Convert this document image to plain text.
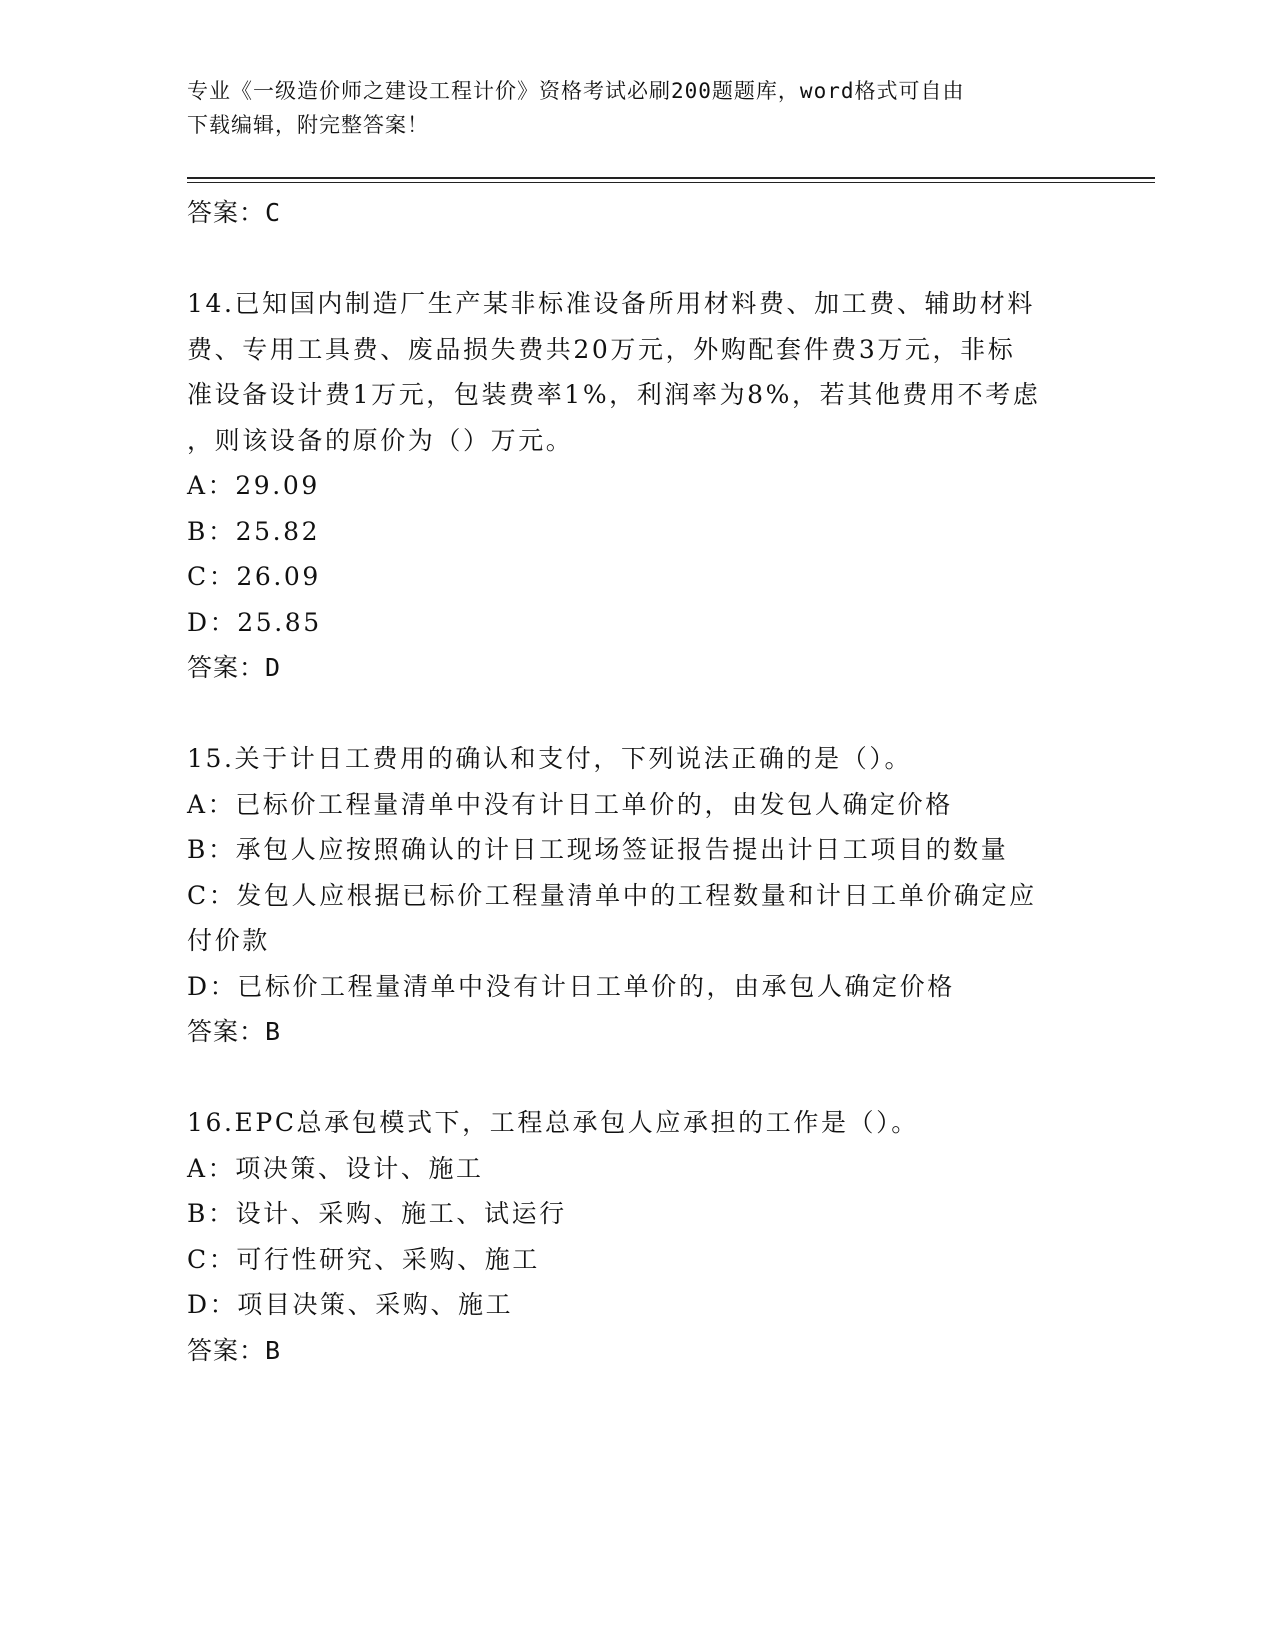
专业《一级造价师之建设工程计价》资格考试必刷200题题库，word格式可自由
下载编辑，附完整答案！
答案：C
14.已知国内制造厂生产某非标准设备所用材料费、加工费、辅助材料
费、专用工具费、废品损失费共20万元，外购配套件费3万元，非标
准设备设计费1万元，包装费率1%，利润率为8%，若其他费用不考虑
，则该设备的原价为（）万元。
A：29.09
B：25.82
C：26.09
D：25.85
答案：D
15.关于计日工费用的确认和支付，下列说法正确的是（）。
A：已标价工程量清单中没有计日工单价的，由发包人确定价格
B：承包人应按照确认的计日工现场签证报告提出计日工项目的数量
C：发包人应根据已标价工程量清单中的工程数量和计日工单价确定应
付价款
D：已标价工程量清单中没有计日工单价的，由承包人确定价格
答案：B
16.EPC总承包模式下，工程总承包人应承担的工作是（）。
A：项决策、设计、施工
B：设计、采购、施工、试运行
C：可行性研究、采购、施工
D：项目决策、采购、施工
答案：B
